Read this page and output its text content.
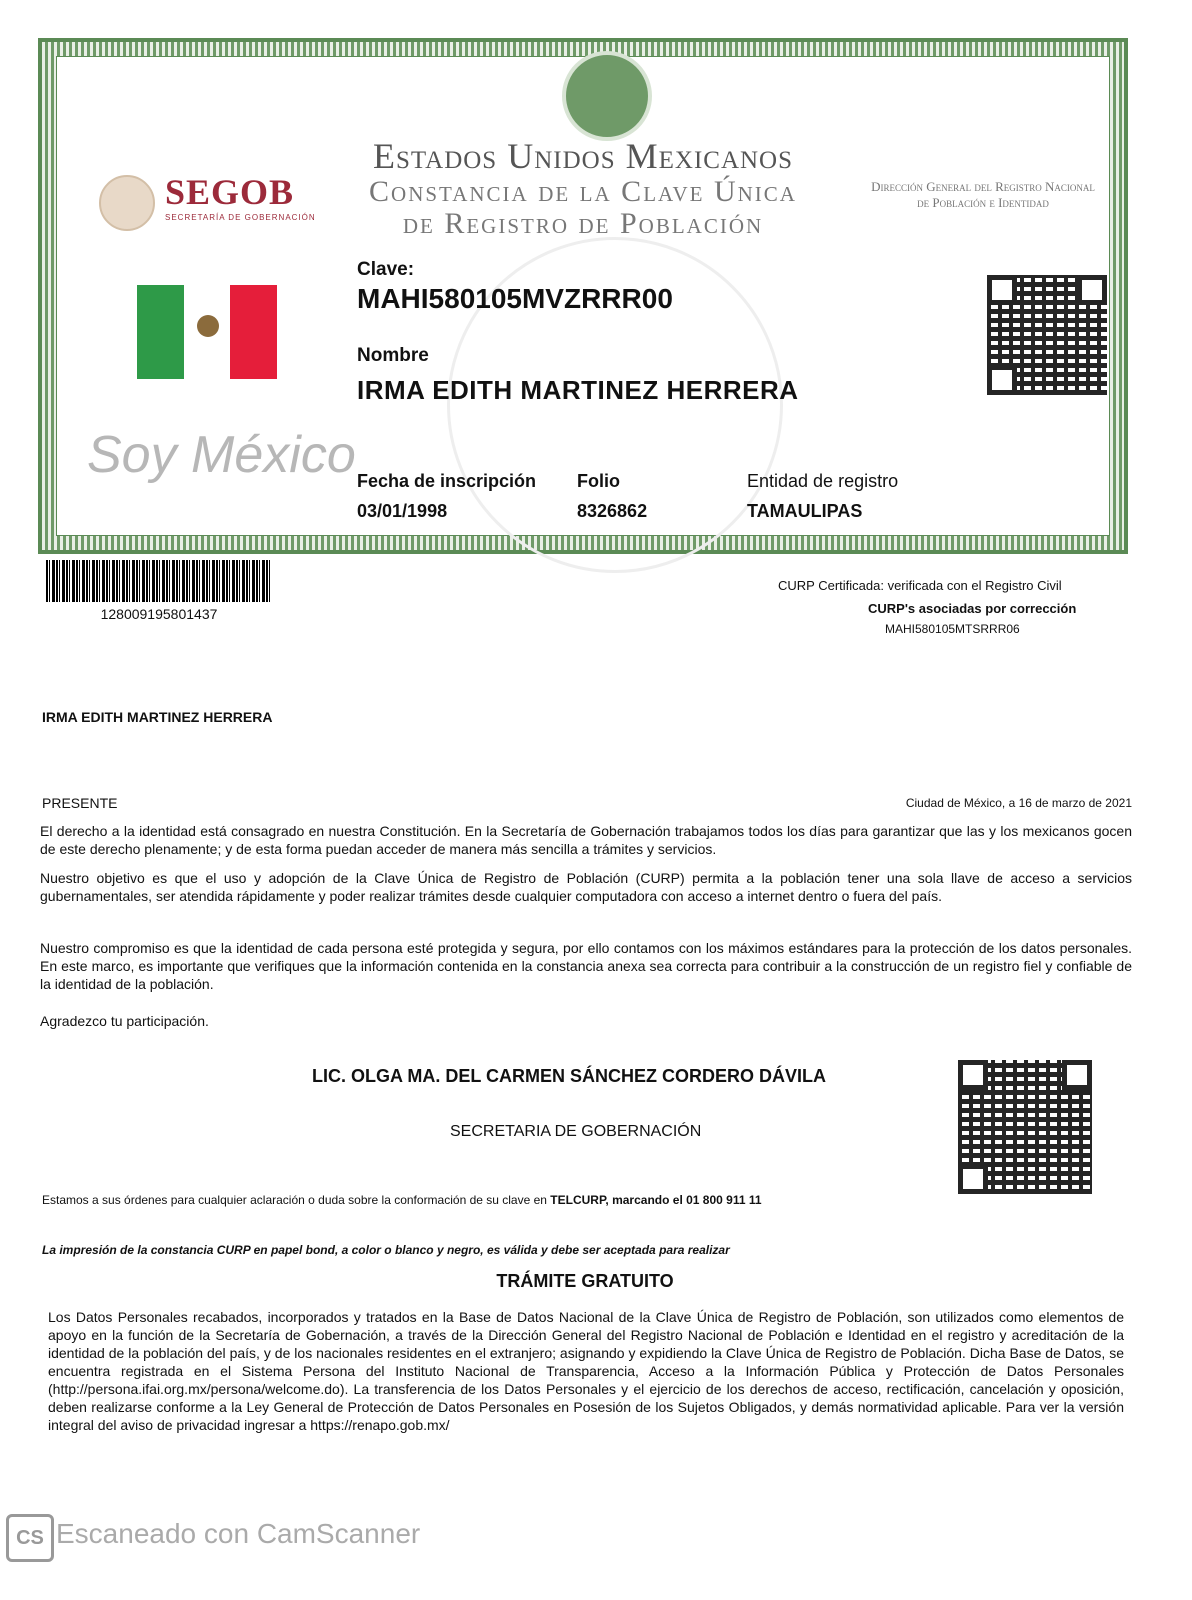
Estados Unidos Mexicanos
Constancia de la Clave Única
de Registro de Población
Dirección General del Registro Nacional de Población e Identidad
SEGOB
SECRETARÍA DE GOBERNACIÓN
Soy México
Clave:
MAHI580105MVZRRR00
Nombre
IRMA EDITH MARTINEZ HERRERA
Fecha de inscripción
03/01/1998
Folio
8326862
Entidad de registro
TAMAULIPAS
128009195801437
CURP Certificada: verificada con el Registro Civil
CURP's asociadas por corrección
MAHI580105MTSRRR06
IRMA EDITH MARTINEZ HERRERA
PRESENTE	Ciudad de México, a 16 de marzo de 2021
El derecho a la identidad está consagrado en nuestra Constitución. En la Secretaría de Gobernación trabajamos todos los días para garantizar que las y los mexicanos gocen de este derecho plenamente; y de esta forma puedan acceder de manera más sencilla a trámites y servicios.
Nuestro objetivo es que el uso y adopción de la Clave Única de Registro de Población (CURP) permita a la población tener una sola llave de acceso a servicios gubernamentales, ser atendida rápidamente y poder realizar trámites desde cualquier computadora con acceso a internet dentro o fuera del país.
Nuestro compromiso es que la identidad de cada persona esté protegida y segura, por ello contamos con los máximos estándares para la protección de los datos personales. En este marco, es importante que verifiques que la información contenida en la constancia anexa sea correcta para contribuir a la construcción de un registro fiel y confiable de la identidad de la población.
Agradezco tu participación.
LIC. OLGA MA. DEL CARMEN SÁNCHEZ CORDERO DÁVILA
SECRETARIA DE GOBERNACIÓN
Estamos a sus órdenes para cualquier aclaración o duda sobre la conformación de su clave en TELCURP, marcando el 01 800 911 11
La impresión de la constancia CURP en papel bond, a color o blanco y negro, es válida y debe ser aceptada para realizar
TRÁMITE GRATUITO
Los Datos Personales recabados, incorporados y tratados en la Base de Datos Nacional de la Clave Única de Registro de Población, son utilizados como elementos de apoyo en la función de la Secretaría de Gobernación, a través de la Dirección General del Registro Nacional de Población e Identidad en el registro y acreditación de la identidad de la población del país, y de los nacionales residentes en el extranjero; asignando y expidiendo la Clave Única de Registro de Población. Dicha Base de Datos, se encuentra registrada en el Sistema Persona del Instituto Nacional de Transparencia, Acceso a la Información Pública y Protección de Datos Personales (http://persona.ifai.org.mx/persona/welcome.do). La transferencia de los Datos Personales y el ejercicio de los derechos de acceso, rectificación, cancelación y oposición, deben realizarse conforme a la Ley General de Protección de Datos Personales en Posesión de los Sujetos Obligados, y demás normatividad aplicable. Para ver la versión integral del aviso de privacidad ingresar a https://renapo.gob.mx/
CS Escaneado con CamScanner
